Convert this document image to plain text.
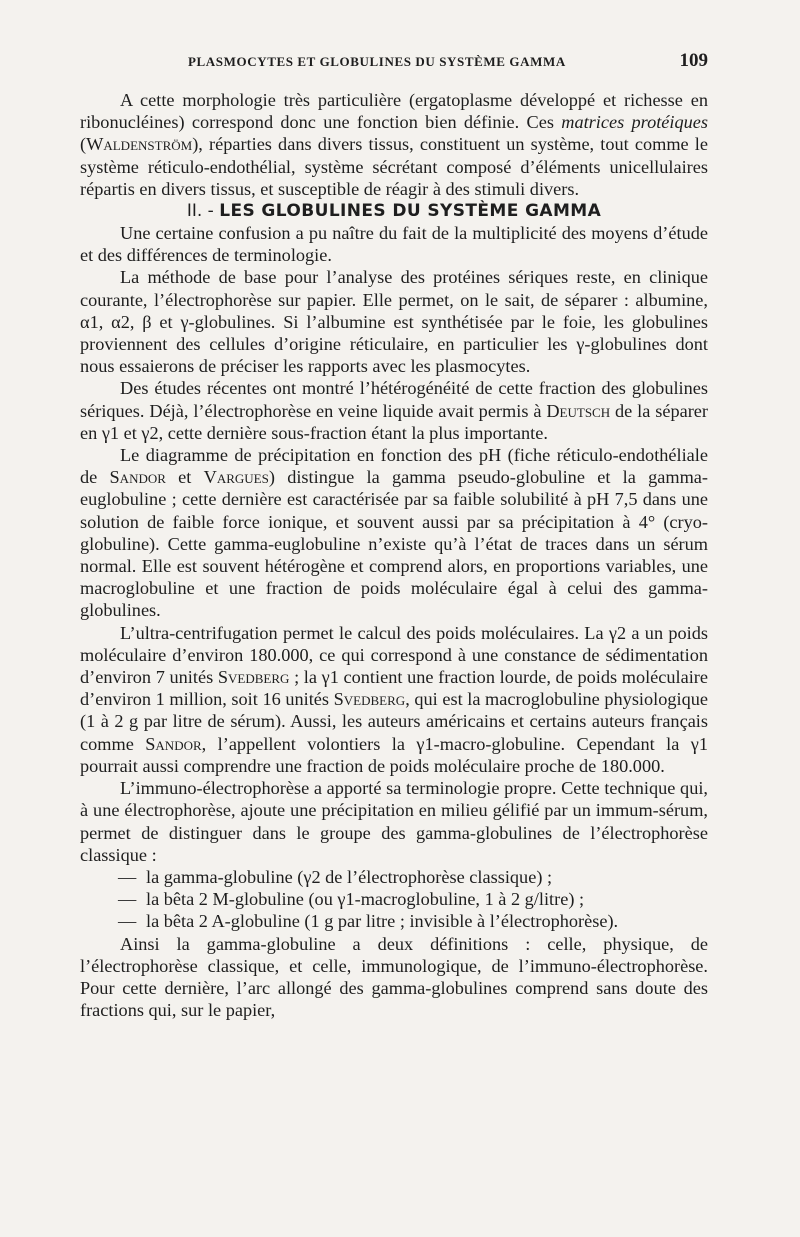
PLASMOCYTES ET GLOBULINES DU SYSTÈME GAMMA	109

A cette morphologie très particulière (ergatoplasme développé et richesse en ribonucléines) correspond donc une fonction bien définie. Ces matrices protéiques (Waldenström), réparties dans divers tissus, constituent un système, tout comme le système réticulo-endothélial, système sécrétant composé d’éléments unicellulaires répartis en divers tissus, et susceptible de réagir à des stimuli divers.

II. - LES GLOBULINES DU SYSTÈME GAMMA

Une certaine confusion a pu naître du fait de la multiplicité des moyens d’étude et des différences de terminologie.

La méthode de base pour l’analyse des protéines sériques reste, en clinique courante, l’électrophorèse sur papier. Elle permet, on le sait, de séparer : albumine, α1, α2, β et γ-globulines. Si l’albumine est synthétisée par le foie, les globulines proviennent des cellules d’origine réticulaire, en particulier les γ-globulines dont nous essaierons de préciser les rapports avec les plasmocytes.

Des études récentes ont montré l’hétérogénéité de cette fraction des globulines sériques. Déjà, l’électrophorèse en veine liquide avait permis à Deutsch de la séparer en γ1 et γ2, cette dernière sous-fraction étant la plus importante.

Le diagramme de précipitation en fonction des pH (fiche réticulo-endothéliale de Sandor et Vargues) distingue la gamma pseudo-globuline et la gamma-euglobuline ; cette dernière est caractérisée par sa faible solubilité à pH 7,5 dans une solution de faible force ionique, et souvent aussi par sa précipitation à 4° (cryo-globuline). Cette gamma-euglobuline n’existe qu’à l’état de traces dans un sérum normal. Elle est souvent hétérogène et comprend alors, en proportions variables, une macroglobuline et une fraction de poids moléculaire égal à celui des gamma-globulines.

L’ultra-centrifugation permet le calcul des poids moléculaires. La γ2 a un poids moléculaire d’environ 180.000, ce qui correspond à une constance de sédimentation d’environ 7 unités Svedberg ; la γ1 contient une fraction lourde, de poids moléculaire d’environ 1 million, soit 16 unités Svedberg, qui est la macroglobuline physiologique (1 à 2 g par litre de sérum). Aussi, les auteurs américains et certains auteurs français comme Sandor, l’appellent volontiers la γ1-macro-globuline. Cependant la γ1 pourrait aussi comprendre une fraction de poids moléculaire proche de 180.000.

L’immuno-électrophorèse a apporté sa terminologie propre. Cette technique qui, à une électrophorèse, ajoute une précipitation en milieu gélifié par un immum-sérum, permet de distinguer dans le groupe des gamma-globulines de l’électrophorèse classique :

— la gamma-globuline (γ2 de l’électrophorèse classique) ;
— la bêta 2 M-globuline (ou γ1-macroglobuline, 1 à 2 g/litre) ;
— la bêta 2 A-globuline (1 g par litre ; invisible à l’électrophorèse).

Ainsi la gamma-globuline a deux définitions : celle, physique, de l’électrophorèse classique, et celle, immunologique, de l’immuno-électrophorèse. Pour cette dernière, l’arc allongé des gamma-globulines comprend sans doute des fractions qui, sur le papier,
